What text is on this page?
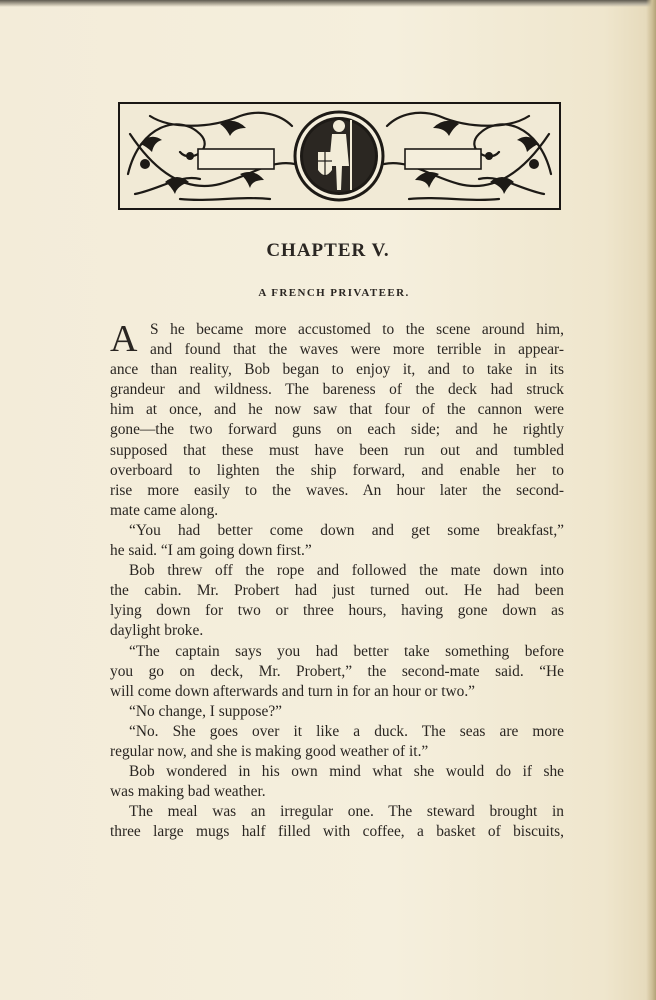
CHAPTER V.
A FRENCH PRIVATEER.
A S he became more accustomed to the scene around him,
and found that the waves were more terrible in appear-
ance than reality, Bob began to enjoy it, and to take in its
grandeur and wildness. The bareness of the deck had struck
him at once, and he now saw that four of the cannon were
gone—the two forward guns on each side; and he rightly
supposed that these must have been run out and tumbled
overboard to lighten the ship forward, and enable her to
rise more easily to the waves. An hour later the second-
mate came along.
“You had better come down and get some breakfast,”
he said. “I am going down first.”
Bob threw off the rope and followed the mate down into
the cabin. Mr. Probert had just turned out. He had been
lying down for two or three hours, having gone down as
daylight broke.
“The captain says you had better take something before
you go on deck, Mr. Probert,” the second-mate said. “He
will come down afterwards and turn in for an hour or two.”
“No change, I suppose?”
“No. She goes over it like a duck. The seas are more
regular now, and she is making good weather of it.”
Bob wondered in his own mind what she would do if she
was making bad weather.
The meal was an irregular one. The steward brought in
three large mugs half filled with coffee, a basket of biscuits,
